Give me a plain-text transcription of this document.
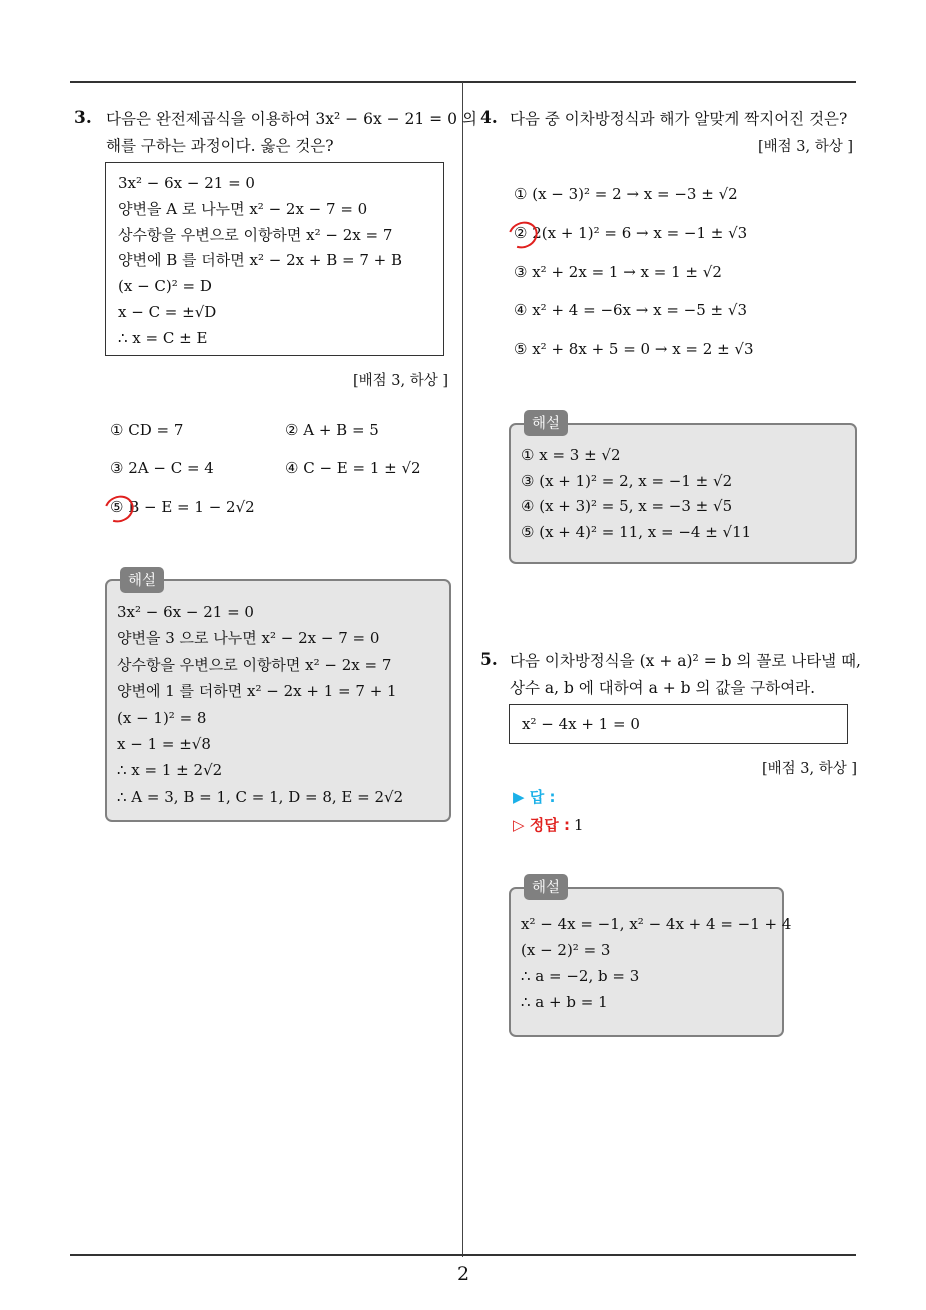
3. 다음은 완전제곱식을 이용하여 3x² − 6x − 21 = 0 의
해를 구하는 과정이다. 옳은 것은?
3x² − 6x − 21 = 0
양변을 A 로 나누면 x² − 2x − 7 = 0
상수항을 우변으로 이항하면 x² − 2x = 7
양변에 B 를 더하면 x² − 2x + B = 7 + B
(x − C)² = D
x − C = ±√D
∴ x = C ± E
[배점 3, 하상 ]
① CD = 7	② A + B = 5
③ 2A − C = 4	④ C − E = 1 ± √2
⑤ B − E = 1 − 2√2
3x² − 6x − 21 = 0
양변을 3 으로 나누면 x² − 2x − 7 = 0
상수항을 우변으로 이항하면 x² − 2x = 7
양변에 1 를 더하면 x² − 2x + 1 = 7 + 1
(x − 1)² = 8
x − 1 = ±√8
∴ x = 1 ± 2√2
∴ A = 3, B = 1, C = 1, D = 8, E = 2√2
해설
4. 다음 중 이차방정식과 해가 알맞게 짝지어진 것은?
[배점 3, 하상 ]
① (x − 3)² = 2 → x = −3 ± √2
② 2(x + 1)² = 6 → x = −1 ± √3
③ x² + 2x = 1 → x = 1 ± √2
④ x² + 4 = −6x → x = −5 ± √3
⑤ x² + 8x + 5 = 0 → x = 2 ± √3
① x = 3 ± √2
③ (x + 1)² = 2, x = −1 ± √2
④ (x + 3)² = 5, x = −3 ± √5
⑤ (x + 4)² = 11, x = −4 ± √11
해설
5. 다음 이차방정식을 (x + a)² = b 의 꼴로 나타낼 때,
상수 a, b 에 대하여 a + b 의 값을 구하여라.
x² − 4x + 1 = 0
[배점 3, 하상 ]
▶ 답 :
▷ 정답 : 1
x² − 4x = −1, x² − 4x + 4 = −1 + 4
(x − 2)² = 3
∴ a = −2, b = 3
∴ a + b = 1
해설
2
